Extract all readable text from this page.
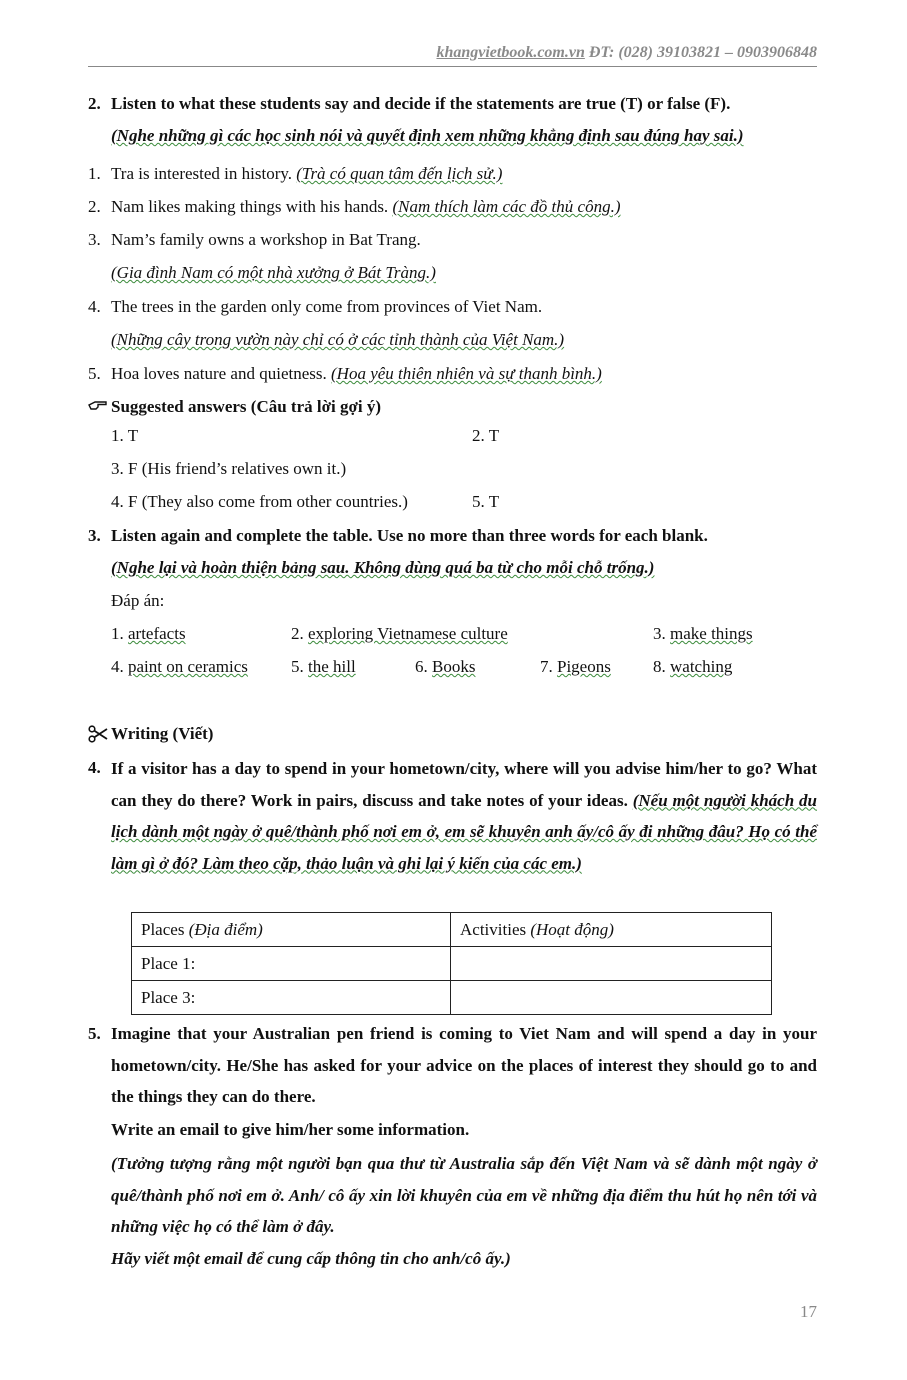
khangvietbook.com.vn ĐT: (028) 39103821 – 0903906848
2. Listen to what these students say and decide if the statements are true (T) or false (F).
(Nghe những gì các học sinh nói và quyết định xem những khẳng định sau đúng hay sai.)
1. Tra is interested in history. (Trà có quan tâm đến lịch sử.)
2. Nam likes making things with his hands. (Nam thích làm các đồ thủ công.)
3. Nam’s family owns a workshop in Bat Trang.
(Gia đình Nam có một nhà xưởng ở Bát Tràng.)
4. The trees in the garden only come from provinces of Viet Nam.
(Những cây trong vườn này chỉ có ở các tỉnh thành của Việt Nam.)
5. Hoa loves nature and quietness. (Hoa yêu thiên nhiên và sự thanh bình.)
Suggested answers (Câu trả lời gợi ý)
1. T	2. T
3. F (His friend’s relatives own it.)
4. F (They also come from other countries.)	5. T
3. Listen again and complete the table. Use no more than three words for each blank.
(Nghe lại và hoàn thiện bảng sau. Không dùng quá ba từ cho mỗi chỗ trống.)
Đáp án:
1. artefacts	2. exploring Vietnamese culture	3. make things
4. paint on ceramics	5. the hill	6. Books	7. Pigeons 8. watching
Writing (Viết)
4. If a visitor has a day to spend in your hometown/city, where will you advise him/her to go? What can they do there? Work in pairs, discuss and take notes of your ideas. (Nếu một người khách du lịch dành một ngày ở quê/thành phố nơi em ở, em sẽ khuyên anh ấy/cô ấy đi những đâu? Họ có thể làm gì ở đó? Làm theo cặp, thảo luận và ghi lại ý kiến của các em.)
Places (Địa điểm)	Activities (Hoạt động)
Place 1:	
Place 3:	
5. Imagine that your Australian pen friend is coming to Viet Nam and will spend a day in your hometown/city. He/She has asked for your advice on the places of interest they should go to and the things they can do there.
Write an email to give him/her some information.
(Tưởng tượng rằng một người bạn qua thư từ Australia sắp đến Việt Nam và sẽ dành một ngày ở quê/thành phố nơi em ở. Anh/ cô ấy xin lời khuyên của em về những địa điểm thu hút họ nên tới và những việc họ có thể làm ở đây.
Hãy viết một email để cung cấp thông tin cho anh/cô ấy.)
17
